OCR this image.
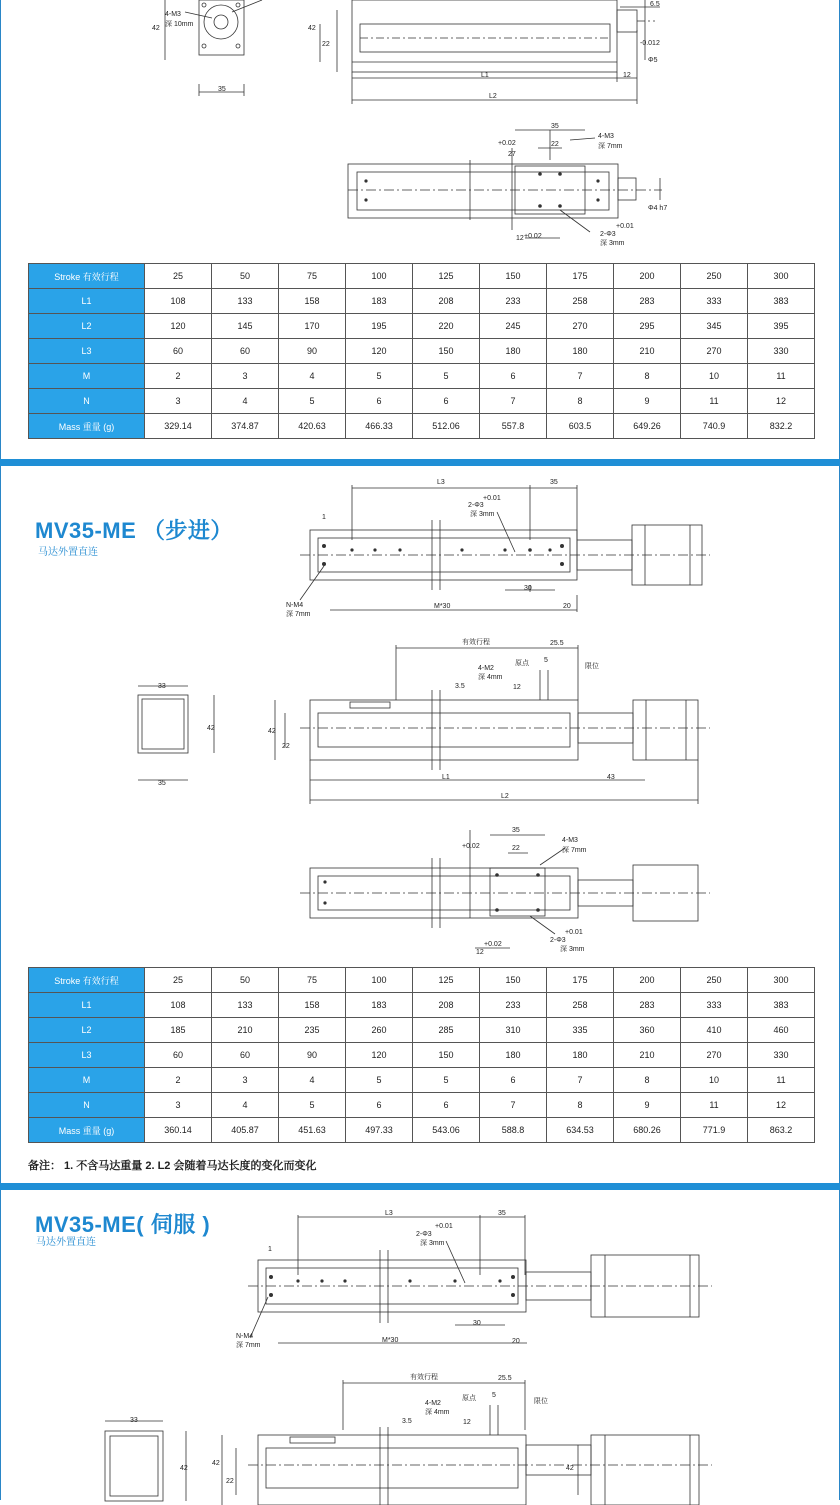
4-M3
深 10mm
35
42	42
22
L1
L2
12
6.5
-0.012
Φ5
35
22
4-M3
深 7mm
+0.02
27
12 +0.02
+0.01
2-Φ3
深 3mm
Φ4 h7
Stroke 有效行程	25	50	75	100	125	150	175	200	250	300
L1	108	133	158	183	208	233	258	283	333	383
L2	120	145	170	195	220	245	270	295	345	395
L3	60	60	90	120	150	180	180	210	270	330
M	2	3	4	5	5	6	7	8	10	11
N	3	4	5	6	6	7	8	9	11	12
Mass 重量 (g)	329.14	374.87	420.63	466.33	512.06	557.8	603.5	649.26	740.9	832.2
MV35-ME （步进）
马达外置直连
L3	35
1
+0.01
2-Φ3
深 3mm
N-M4
深 7mm
M*30
30
20
33
35
42
有效行程	25.5
5
原点	限位
4-M2
深 4mm
12
3.5
42
22
L1	43
L2
35
22
4-M3
深 7mm
+0.02
+0.02
12
+0.01
2-Φ3
深 3mm
Stroke 有效行程	25	50	75	100	125	150	175	200	250	300
L1	108	133	158	183	208	233	258	283	333	383
L2	185	210	235	260	285	310	335	360	410	460
L3	60	60	90	120	150	180	180	210	270	330
M	2	3	4	5	5	6	7	8	10	11
N	3	4	5	6	6	7	8	9	11	12
Mass 重量 (g)	360.14	405.87	451.63	497.33	543.06	588.8	634.53	680.26	771.9	863.2
备注： 1. 不含马达重量 2. L2 会随着马达长度的变化而变化
MV35-ME( 伺服 )
马达外置直连
L3	35
1
+0.01
2-Φ3
深 3mm
N-M4
深 7mm
M*30
30
20
33
42
有效行程	25.5
5
原点	限位
4-M2
深 4mm
12
3.5
42
22
42
